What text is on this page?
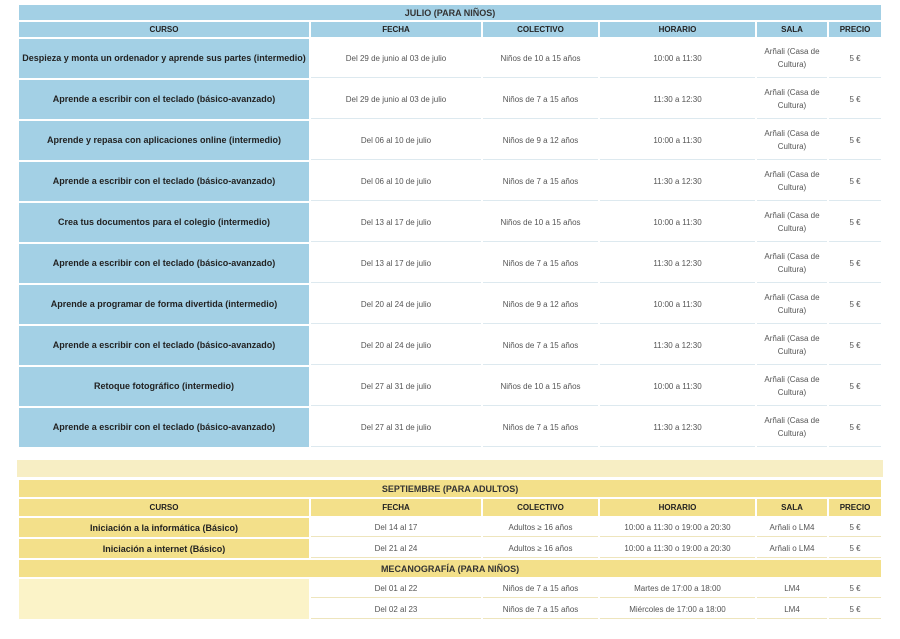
JULIO (PARA NIÑOS)					
CURSO	FECHA	COLECTIVO	HORARIO	SALA	PRECIO
Despieza y monta un ordenador y aprende sus partes (intermedio)	Del 29 de junio al 03 de julio	Niños de 10 a 15 años	10:00 a 11:30	Arñali (Casa de Cultura)	5 €
Aprende a escribir con el teclado (básico-avanzado)	Del 29 de junio al 03 de julio	Niños de 7 a 15 años	11:30 a 12:30	Arñali (Casa de Cultura)	5 €
Aprende y repasa con aplicaciones online (intermedio)	Del 06 al 10 de julio	Niños de 9 a 12 años	10:00 a 11:30	Arñali (Casa de Cultura)	5 €
Aprende a escribir con el teclado (básico-avanzado)	Del 06 al 10 de julio	Niños de 7 a 15 años	11:30 a 12:30	Arñali (Casa de Cultura)	5 €
Crea tus documentos para el colegio (intermedio)	Del 13 al 17 de julio	Niños de 10 a 15 años	10:00 a 11:30	Arñali (Casa de Cultura)	5 €
Aprende a escribir con el teclado (básico-avanzado)	Del 13 al 17 de julio	Niños de 7 a 15 años	11:30 a 12:30	Arñali (Casa de Cultura)	5 €
Aprende a programar de forma divertida (intermedio)	Del 20 al 24 de julio	Niños de 9 a 12 años	10:00 a 11:30	Arñali (Casa de Cultura)	5 €
Aprende a escribir con el teclado (básico-avanzado)	Del 20 al 24 de julio	Niños de 7 a 15 años	11:30 a 12:30	Arñali (Casa de Cultura)	5 €
Retoque fotográfico (intermedio)	Del 27 al 31 de julio	Niños de 10 a 15 años	10:00 a 11:30	Arñali (Casa de Cultura)	5 €
Aprende a escribir con el teclado (básico-avanzado)	Del 27 al 31 de julio	Niños de 7 a 15 años	11:30 a 12:30	Arñali (Casa de Cultura)	5 €
SEPTIEMBRE (PARA ADULTOS)					
CURSO	FECHA	COLECTIVO	HORARIO	SALA	PRECIO
Iniciación a la informática (Básico)	Del 14 al 17	Adultos ≥ 16 años	10:00 a 11:30 o 19:00 a 20:30	Arñali o LM4	5 €
Iniciación a internet (Básico)	Del 21 al 24	Adultos ≥ 16 años	10:00 a 11:30 o 19:00 a 20:30	Arñali o LM4	5 €
MECANOGRAFÍA (PARA NIÑOS)					
	Del 01 al 22	Niños de 7 a 15 años	Martes de 17:00 a 18:00	LM4	5 €
	Del 02 al 23	Niños de 7 a 15 años	Miércoles de 17:00 a 18:00	LM4	5 €
